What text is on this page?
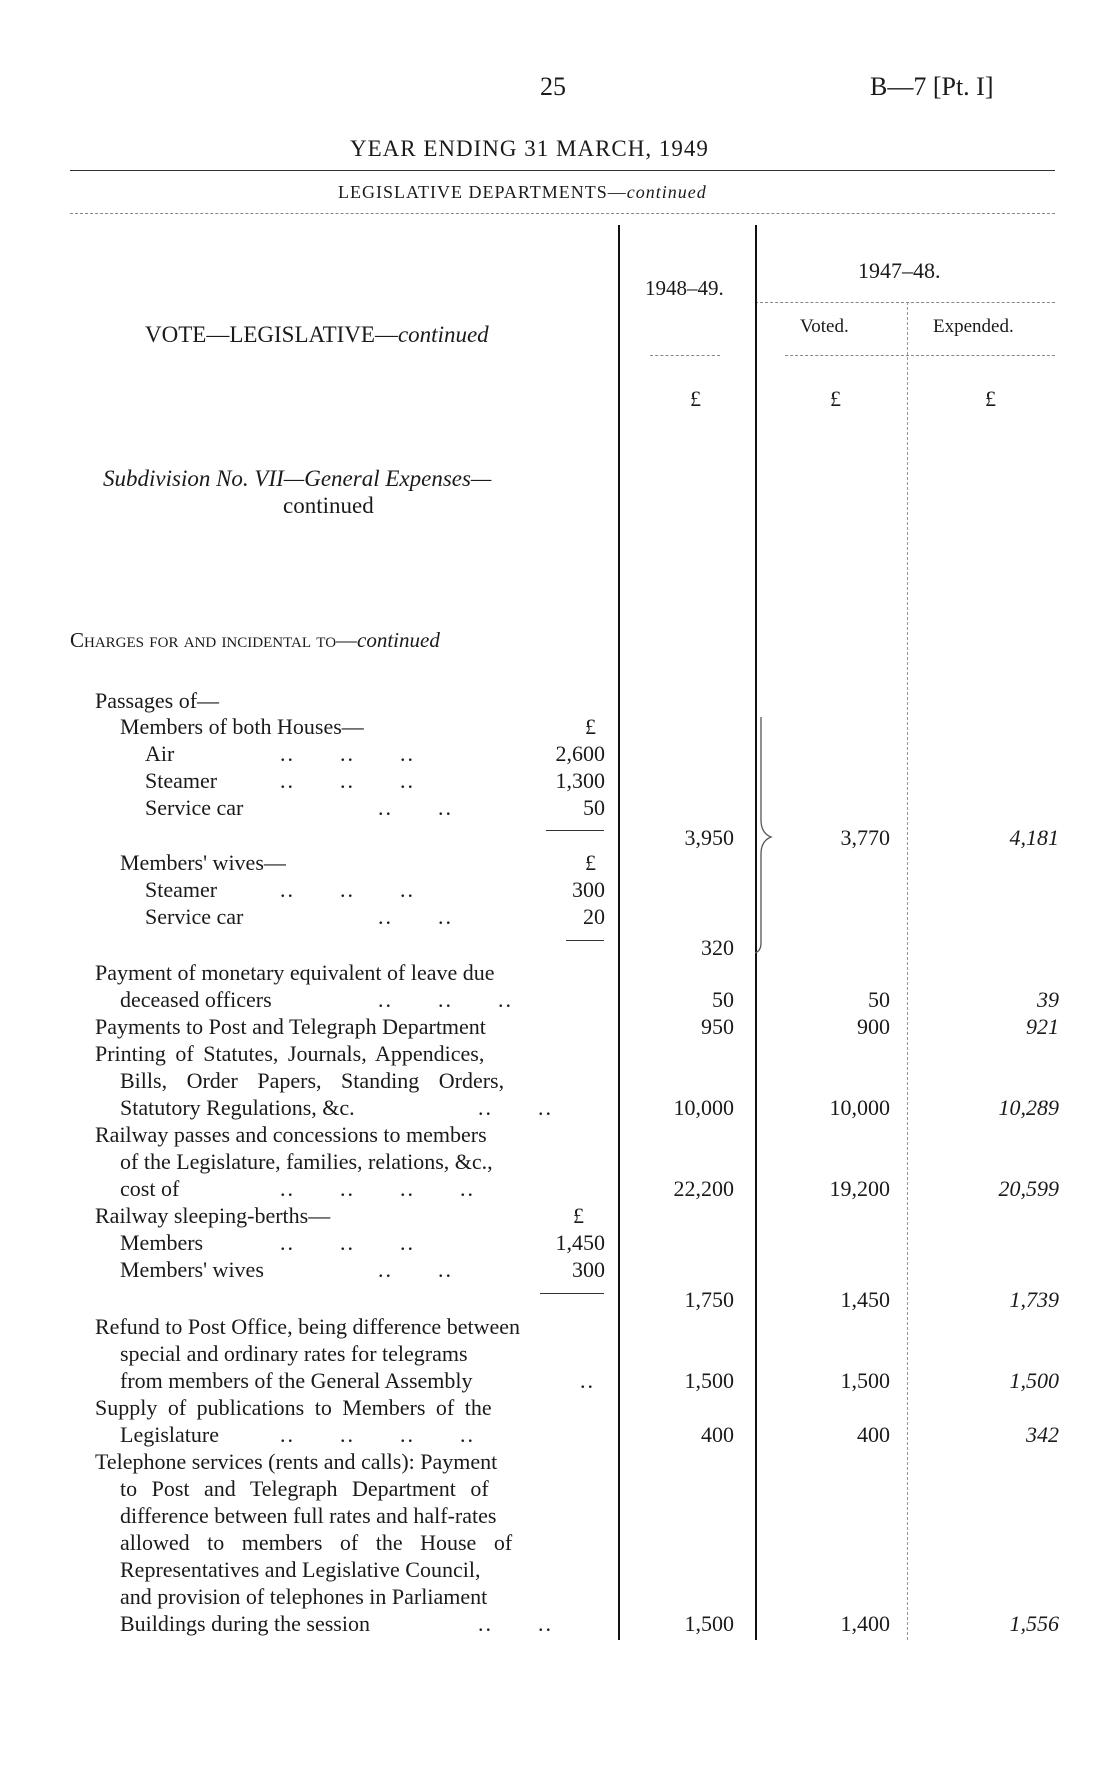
25	B—7 [Pt. I]
YEAR ENDING 31 MARCH, 1949
LEGISLATIVE DEPARTMENTS—continued
VOTE—LEGISLATIVE—continued
1948–49.
1947–48.
Voted.	Expended.
£	£	£
Subdivision No. VII—General Expenses—
continued
Charges for and incidental to—continued
Passages of—
Members of both Houses—	£
Air	..      ..      ..	2,600
Steamer	..      ..      ..	1,300
Service car	..      ..	50
3,950	3,770	4,181
Members' wives—	£
Steamer	..      ..      ..	300
Service car	..      ..	20
320
Payment of monetary equivalent of leave due
deceased officers	..      ..      ..	50	50	39
Payments to Post and Telegraph Department	950	900	921
Printing of Statutes, Journals, Appendices,
Bills, Order Papers, Standing Orders,
Statutory Regulations, &c.	..      ..	10,000	10,000	10,289
Railway passes and concessions to members
of the Legislature, families, relations, &c.,
cost of	..      ..      ..      ..	22,200	19,200	20,599
Railway sleeping-berths—	£
Members	..      ..      ..	1,450
Members' wives	..      ..	300
1,750	1,450	1,739
Refund to Post Office, being difference between
special and ordinary rates for telegrams
from members of the General Assembly	..	1,500	1,500	1,500
Supply of publications to Members of the
Legislature	..      ..      ..      ..	400	400	342
Telephone services (rents and calls): Payment
to Post and Telegraph Department of
difference between full rates and half-rates
allowed to members of the House of
Representatives and Legislative Council,
and provision of telephones in Parliament
Buildings during the session	..      ..	1,500	1,400	1,556
